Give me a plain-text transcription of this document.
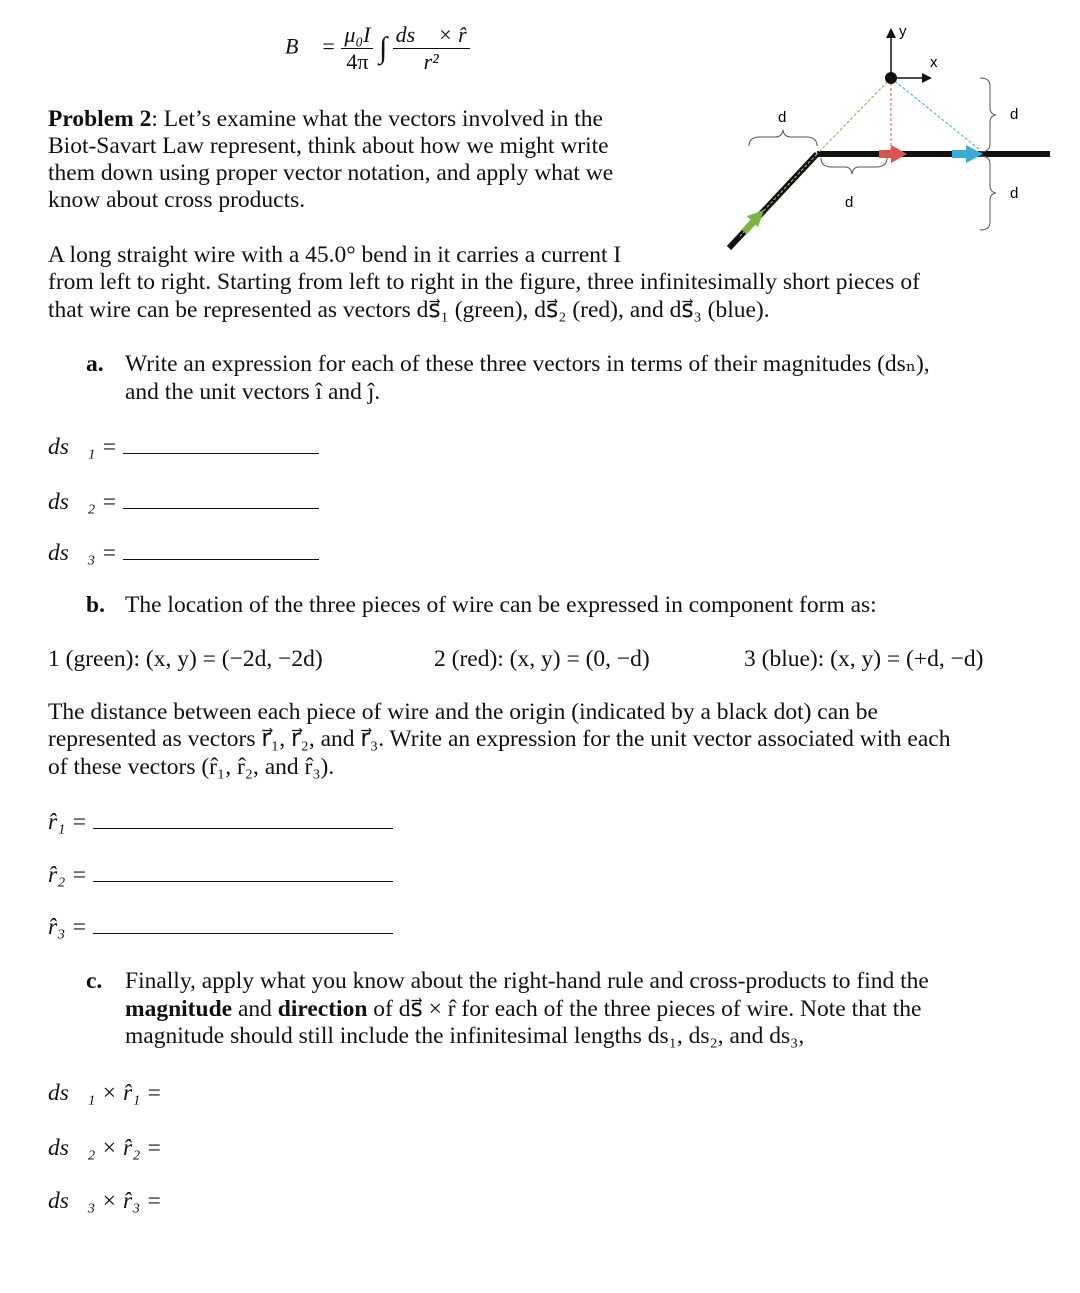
B⃗ = $\frac{\text{μ₀I}}{4\pi}$ ∫ $\frac{ds⃗ \times r̂}{\text{r²}}$
Problem 2: Let’s examine what the vectors involved in the
Biot-Savart Law represent, think about how we might write
them down using proper vector notation, and apply what we
know about cross products.
y
x
d
d
d
d
A long straight wire with a 45.0° bend in it carries a current I
from left to right. Starting from left to right in the figure, three infinitesimally short pieces of
that wire can be represented as vectors ds⃗₁ (green), ds⃗₂ (red), and ds⃗₃ (blue).
a. Write an expression for each of these three vectors in terms of their magnitudes (dsₙ),
and the unit vectors î and ĵ.
ds⃗₁ =
ds⃗₂ =
ds⃗₃ =
b. The location of the three pieces of wire can be expressed in component form as:
1 (green): (x, y) = (−2d, −2d)	2 (red): (x, y) = (0, −d)	3 (blue): (x, y) = (+d, −d)
The distance between each piece of wire and the origin (indicated by a black dot) can be
represented as vectors r⃗₁, r⃗₂, and r⃗₃. Write an expression for the unit vector associated with each
of these vectors (r̂₁, r̂₂, and r̂₃).
r̂₁ =
r̂₂ =
r̂₃ =
c. Finally, apply what you know about the right-hand rule and cross-products to find the
magnitude and direction of ds⃗ × r̂ for each of the three pieces of wire. Note that the
magnitude should still include the infinitesimal lengths ds₁, ds₂, and ds₃,
ds⃗₁ × r̂₁ =
ds⃗₂ × r̂₂ =
ds⃗₃ × r̂₃ =
